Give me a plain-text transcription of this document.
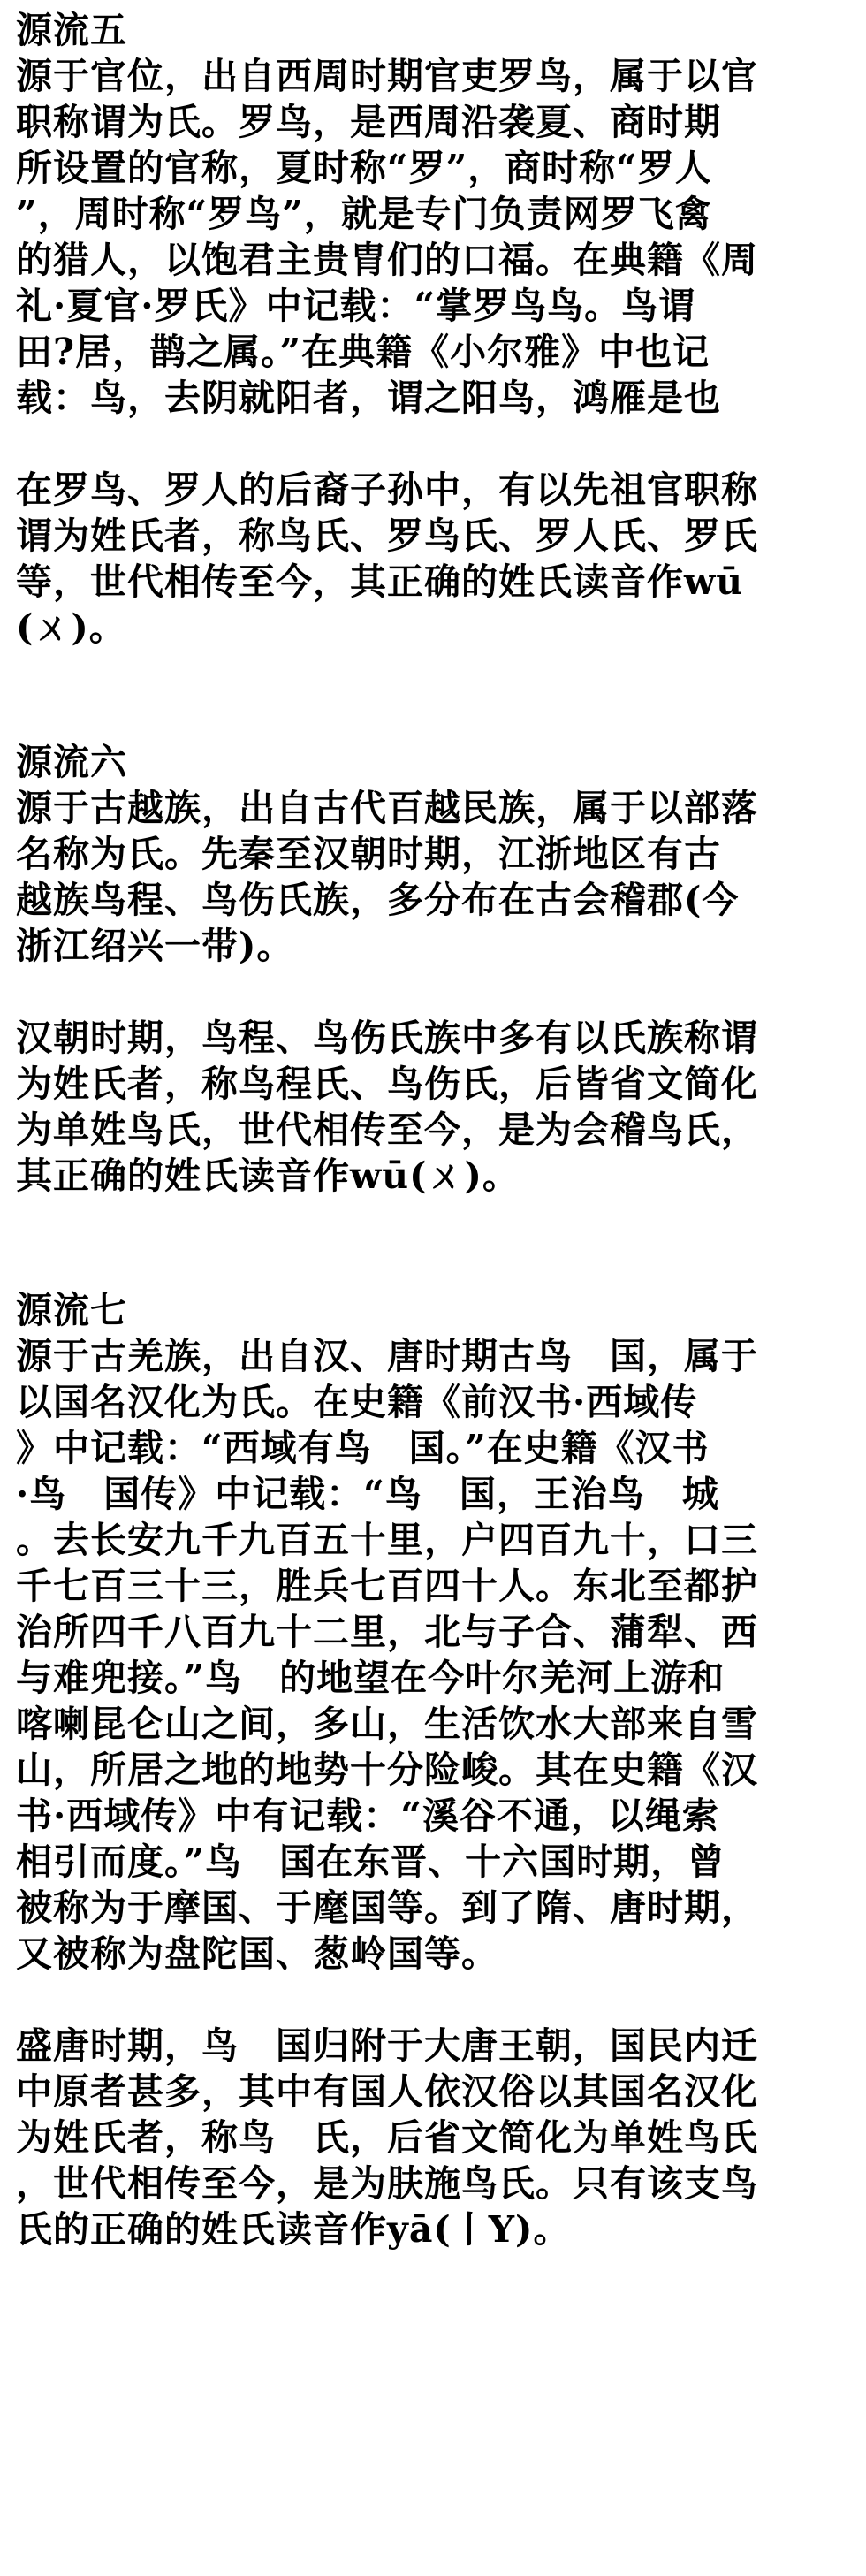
源流五
源于官位，出自西周时期官吏罗鸟，属于以官
职称谓为氏。罗鸟，是西周沿袭夏、商时期
所设置的官称，夏时称“罗”，商时称“罗人
”，周时称“罗鸟”，就是专门负责网罗飞禽
的猎人，以饱君主贵胄们的口福。在典籍《周
礼·夏官·罗氏》中记载：“掌罗鸟鸟。鸟谓
田?居，鹊之属。”在典籍《小尔雅》中也记
载：鸟，去阴就阳者，谓之阳鸟，鸿雁是也
在罗鸟、罗人的后裔子孙中，有以先祖官职称
谓为姓氏者，称鸟氏、罗鸟氏、罗人氏、罗氏
等，世代相传至今，其正确的姓氏读音作wū
(ㄨ)。
源流六
源于古越族，出自古代百越民族，属于以部落
名称为氏。先秦至汉朝时期，江浙地区有古
越族鸟程、鸟伤氏族，多分布在古会稽郡(今
浙江绍兴一带)。
汉朝时期，鸟程、鸟伤氏族中多有以氏族称谓
为姓氏者，称鸟程氏、鸟伤氏，后皆省文简化
为单姓鸟氏，世代相传至今，是为会稽鸟氏，
其正确的姓氏读音作wū(ㄨ)。
源流七
源于古羌族，出自汉、唐时期古鸟　国，属于
以国名汉化为氏。在史籍《前汉书·西域传
》中记载：“西域有鸟　国。”在史籍《汉书
·鸟　国传》中记载：“鸟　国，王治鸟　城
。去长安九千九百五十里，户四百九十，口三
千七百三十三，胜兵七百四十人。东北至都护
治所四千八百九十二里，北与子合、蒲犁、西
与难兜接。”鸟　的地望在今叶尔羌河上游和
喀喇昆仑山之间，多山，生活饮水大部来自雪
山，所居之地的地势十分险峻。其在史籍《汉
书·西域传》中有记载：“溪谷不通，以绳索
相引而度。”鸟　国在东晋、十六国时期，曾
被称为于摩国、于麾国等。到了隋、唐时期，
又被称为盘陀国、葱岭国等。
盛唐时期，鸟　国归附于大唐王朝，国民内迁
中原者甚多，其中有国人依汉俗以其国名汉化
为姓氏者，称鸟　氏，后省文简化为单姓鸟氏
，世代相传至今，是为肤施鸟氏。只有该支鸟
氏的正确的姓氏读音作yā(丨Y)。
